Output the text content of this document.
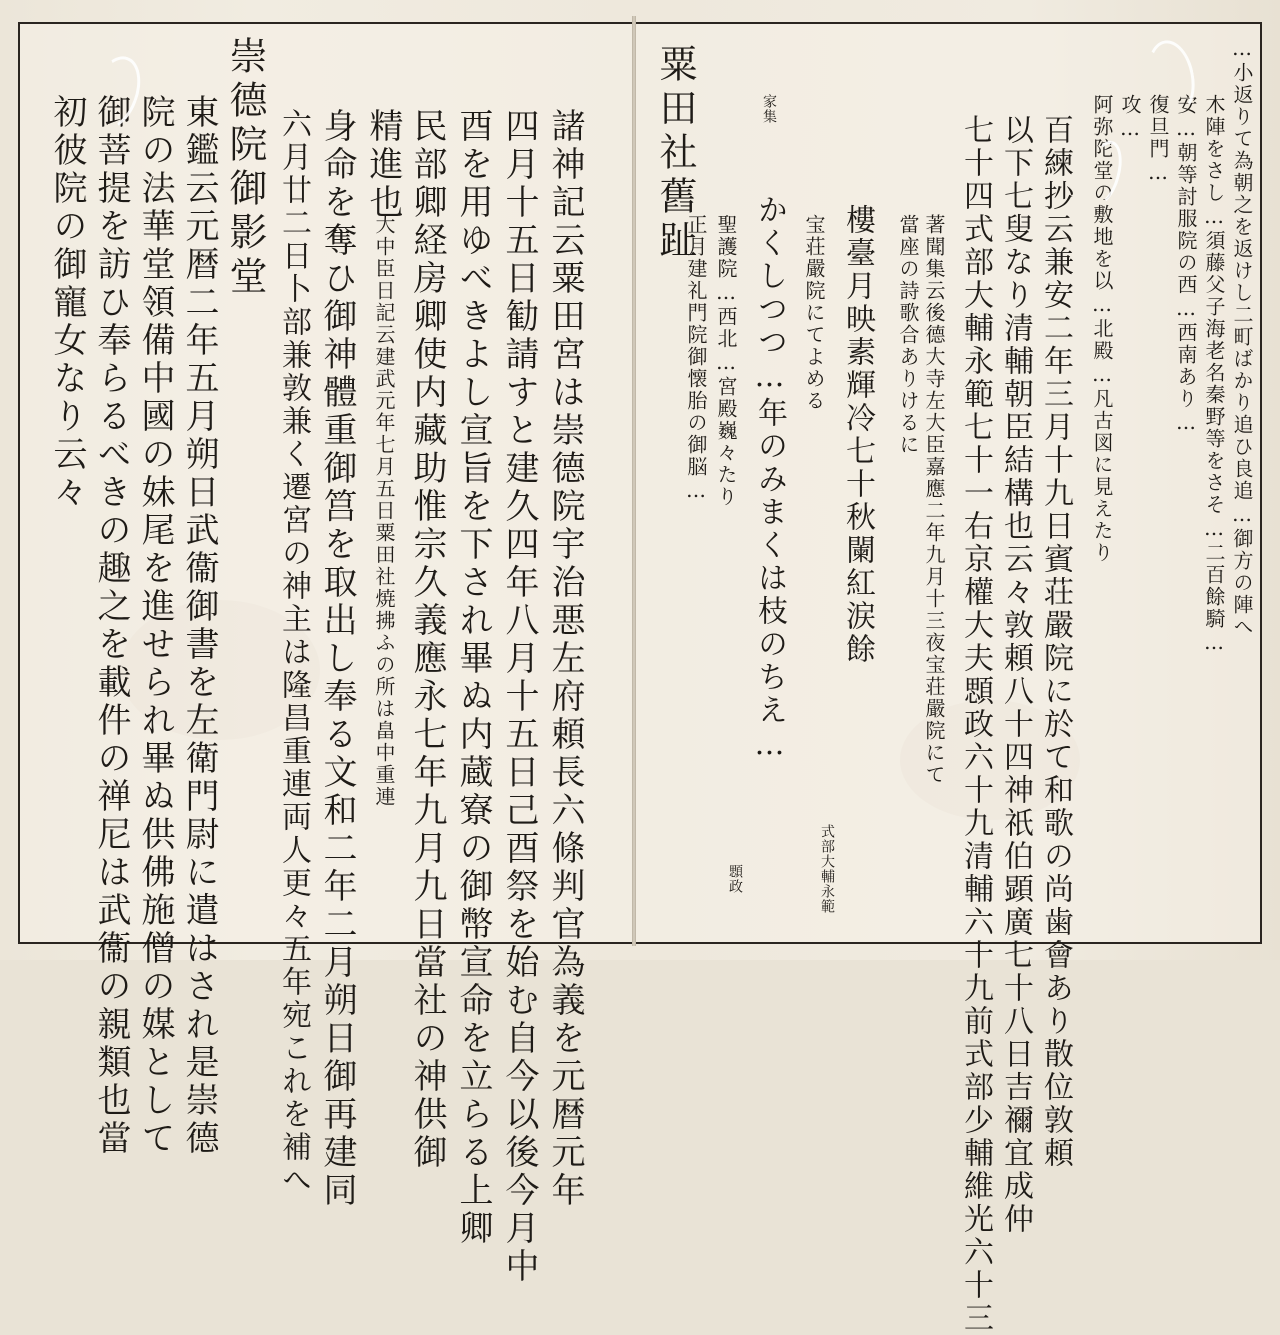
諸神記云粟田宮は崇德院宇治悪左府頼長六條判官為義を元暦元年
四月十五日勧請すと建久四年八月十五日己酉祭を始む自今以後今月中
酉を用ゆべきよし宣旨を下され畢ぬ内蔵寮の御幣宣命を立らる上卿
民部卿経房卿使内藏助惟宗久義應永七年九月九日當社の神供御
精進也
大中臣日記云建武元年七月五日粟田社焼拂ふの所は畠中重連
身命を奪ひ御神體重御筥を取出し奉る文和二年二月朔日御再建同
六月廿二日卜部兼敦兼く遷宮の神主は隆昌重連両人更々五年宛これを補へ
崇德院御影堂
東鑑云元暦二年五月朔日武衞御書を左衛門尉に遣はされ是崇德
院の法華堂領備中國の妹尾を進せられ畢ぬ供佛施僧の媒として
御菩提を訪ひ奉らるべきの趣之を載件の禅尼は武衞の親類也當
初彼院の御寵女なり云々	…小返りて為朝之を返けし二町ばかり追ひ良追…御方の陣へ
木陣をさし…須藤父子海老名秦野等をさそ…二百餘騎…
安…朝等討服院の西…西南あり…
復旦門…
攻…
阿弥陀堂の敷地を以…北殿…凡古図に見えたり
百練抄云兼安二年三月十九日賓荘嚴院に於て和歌の尚歯會あり散位敦頼
以下七叟なり清輔朝臣結構也云々敦頼八十四神祇伯顕廣七十八日吉禰宜成仲
七十四式部大輔永範七十一右京權大夫顋政六十九清輔六十九前式部少輔維光六十三
著聞集云後德大寺左大臣嘉應二年九月十三夜宝荘嚴院にて
當座の詩歌合ありけるに
樓臺月映素輝冷七十秋闌紅涙餘
宝荘嚴院にてよめる
家集
かくしつつ…年のみまくは枝のちえ…
聖護院…西北…宮殿巍々たり
正月建礼門院御懐胎の御脳…
粟田社舊趾
式部大輔永範
顋政
